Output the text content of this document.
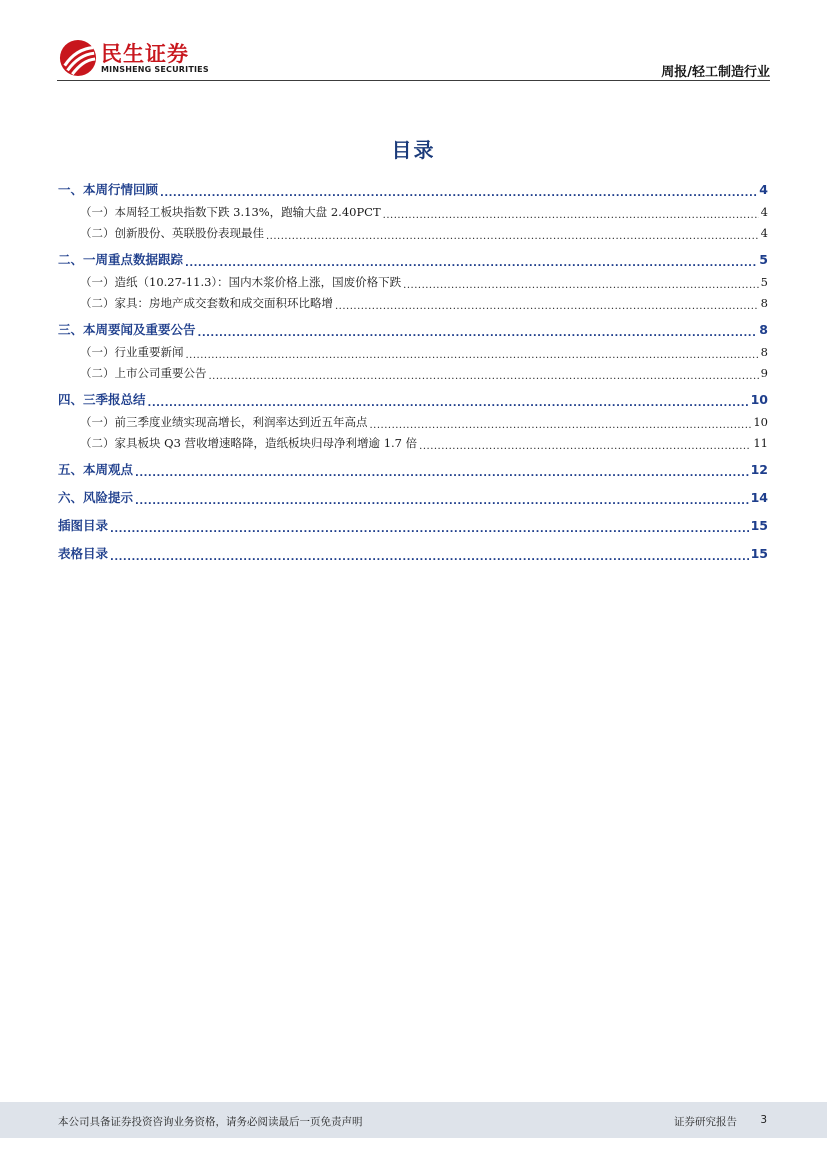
民生证券
MINSHENG SECURITIES	周报/轻工制造行业
目录
一、本周行情回顾 .....	4
（一）本周轻工板块指数下跌 3.13%，跑输大盘 2.40PCT .....	4
（二）创新股份、英联股份表现最佳 .....	4
二、一周重点数据跟踪 .....	5
（一）造纸（10.27-11.3）：国内木浆价格上涨，国废价格下跌 .....	5
（二）家具：房地产成交套数和成交面积环比略增 .....	8
三、本周要闻及重要公告 .....	8
（一）行业重要新闻 .....	8
（二）上市公司重要公告 .....	9
四、三季报总结 .....	10
（一）前三季度业绩实现高增长，利润率达到近五年高点 .....	10
（二）家具板块 Q3 营收增速略降，造纸板块归母净利增逾 1.7 倍 .....	11
五、本周观点 .....	12
六、风险提示 .....	14
插图目录 .....	15
表格目录 .....	15
本公司具备证券投资咨询业务资格，请务必阅读最后一页免责声明	证券研究报告 3
